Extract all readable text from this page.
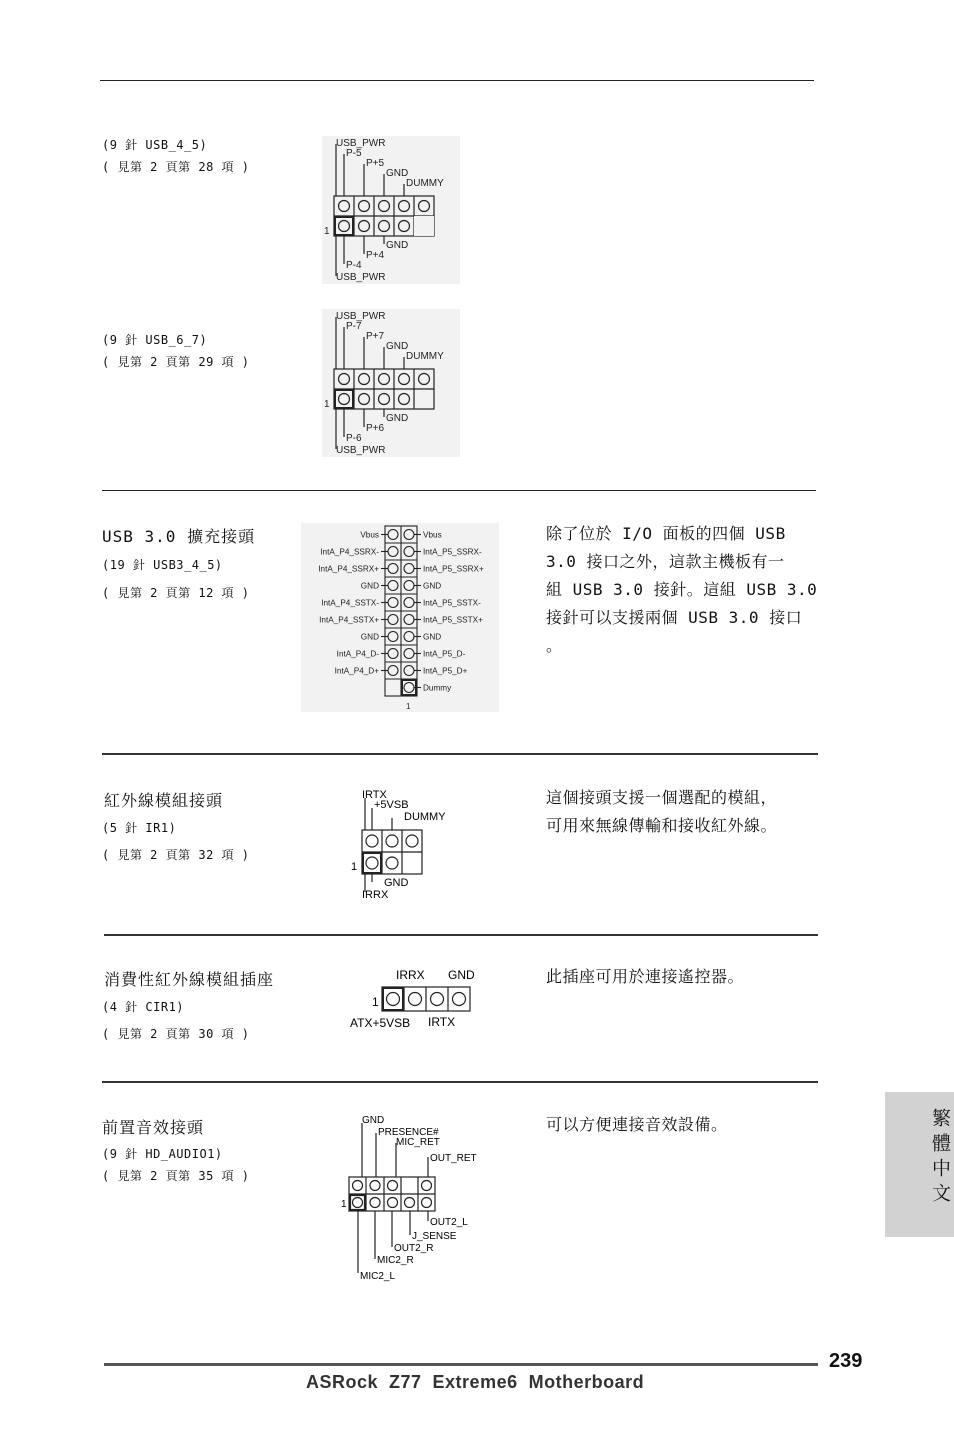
(9 針 USB_4_5)
( 見第 2 頁第 28 項 )
USB_PWR
P-5
P+5
GND
DUMMY
1
GND
P+4
P-4
USB_PWR
(9 針 USB_6_7)
( 見第 2 頁第 29 項 )
USB_PWR
P-7
P+7
GND
DUMMY
1
GND
P+6
P-6
USB_PWR
USB 3.0 擴充接頭
(19 針 USB3_4_5)
( 見第 2 頁第 12 項 )
Vbus
IntA_P4_SSRX-
IntA_P4_SSRX+
GND
IntA_P4_SSTX-
IntA_P4_SSTX+
GND
IntA_P4_D-
IntA_P4_D+
Vbus
IntA_P5_SSRX-
IntA_P5_SSRX+
GND
IntA_P5_SSTX-
IntA_P5_SSTX+
GND
IntA_P5_D-
IntA_P5_D+
Dummy
1
除了位於 I/O 面板的四個 USB
3.0 接口之外，這款主機板有一
組 USB 3.0 接針。這組 USB 3.0
接針可以支援兩個 USB 3.0 接口
。
紅外線模組接頭
(5 針 IR1)
( 見第 2 頁第 32 項 )
IRTX
+5VSB
DUMMY
1
GND
IRRX
這個接頭支援一個選配的模組，
可用來無線傳輸和接收紅外線。
消費性紅外線模組插座
(4 針 CIR1)
( 見第 2 頁第 30 項 )
IRRX GND
1
ATX+5VSB IRTX
此插座可用於連接遙控器。
前置音效接頭
(9 針 HD_AUDIO1)
( 見第 2 頁第 35 項 )
GND
PRESENCE#
MIC_RET
OUT_RET
1
OUT2_L
J_SENSE
OUT2_R
MIC2_R
MIC2_L
可以方便連接音效設備。	繁體中文
239
ASRock  Z77  Extreme6  Motherboard
